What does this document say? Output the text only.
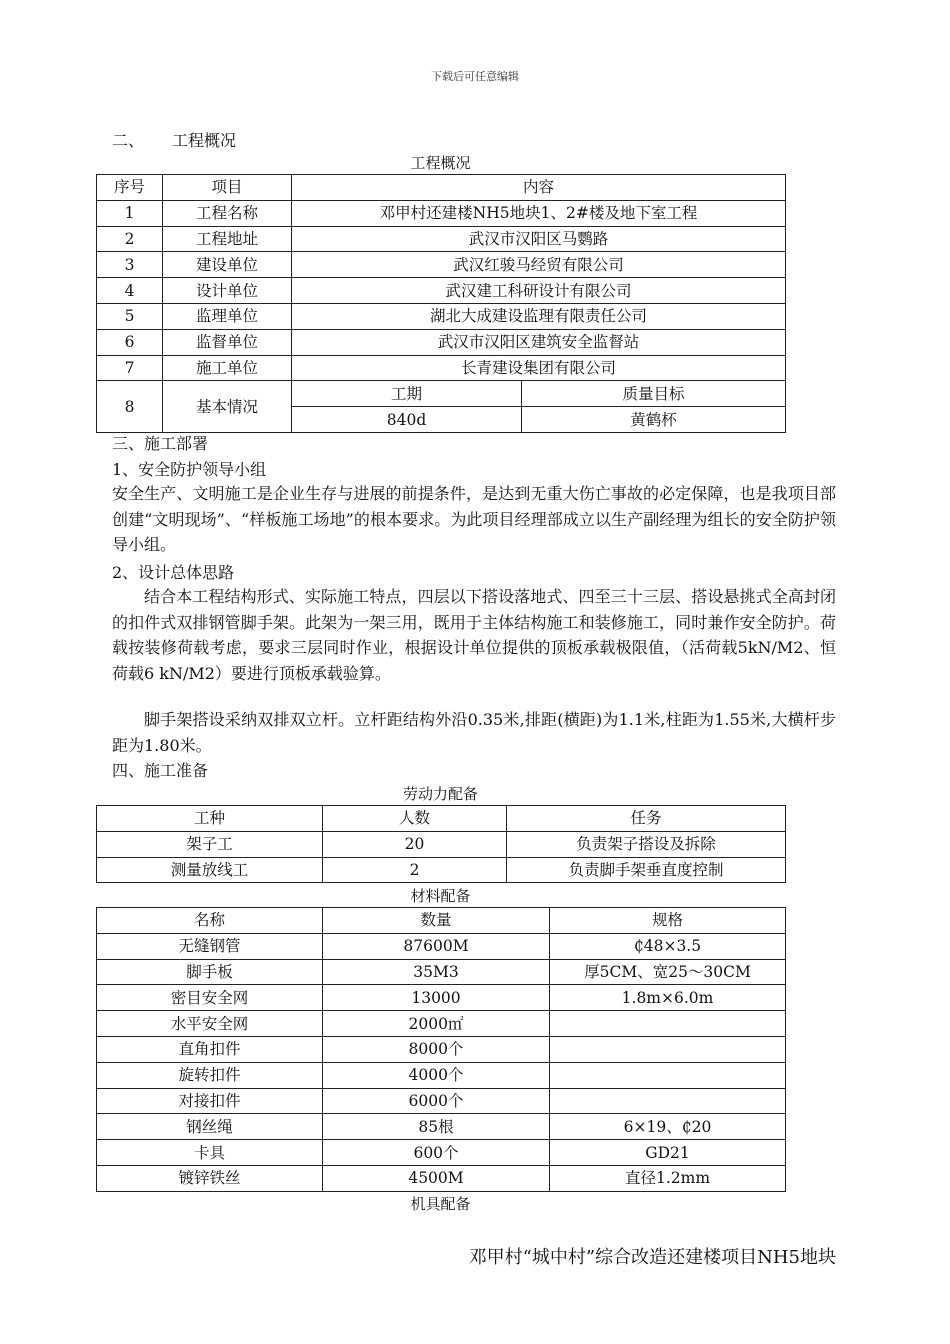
下载后可任意编辑
二、 工程概况
工程概况
序号	项目	内容	
1	工程名称	邓甲村还建楼NH5地块1、2#楼及地下室工程	
2	工程地址	武汉市汉阳区马鹦路	
3	建设单位	武汉红骏马经贸有限公司	
4	设计单位	武汉建工科研设计有限公司	
5	监理单位	湖北大成建设监理有限责任公司	
6	监督单位	武汉市汉阳区建筑安全监督站	
7	施工单位	长青建设集团有限公司	
8	基本情况	工期	质量目标
		840d	黄鹤杯
三、施工部署
1、安全防护领导小组
安全生产、文明施工是企业生存与进展的前提条件，是达到无重大伤亡事故的必定保障，也是我项目部创建“文明现场”、“样板施工场地”的根本要求。为此项目经理部成立以生产副经理为组长的安全防护领导小组。
2、设计总体思路
结合本工程结构形式、实际施工特点，四层以下搭设落地式、四至三十三层、搭设悬挑式全高封闭的扣件式双排钢管脚手架。此架为一架三用，既用于主体结构施工和装修施工，同时兼作安全防护。荷载按装修荷载考虑，要求三层同时作业，根据设计单位提供的顶板承载极限值，（活荷载5kN/M2、恒荷载6 kN/M2）要进行顶板承载验算。
脚手架搭设采纳双排双立杆。立杆距结构外沿0.35米,排距(横距)为1.1米,柱距为1.55米,大横杆步距为1.80米。
四、施工准备
劳动力配备
工种	人数	任务
架子工	20	负责架子搭设及拆除
测量放线工	2	负责脚手架垂直度控制
材料配备
名称	数量	规格
无缝钢管	87600M	₵48×3.5
脚手板	35M3	厚5CM、宽25～30CM
密目安全网	13000	1.8m×6.0m
水平安全网	2000㎡	
直角扣件	8000个	
旋转扣件	4000个	
对接扣件	6000个	
钢丝绳	85根	6×19、₵20
卡具	600个	GD21
镀锌铁丝	4500M	直径1.2mm
机具配备
邓甲村“城中村”综合改造还建楼项目NH5地块
